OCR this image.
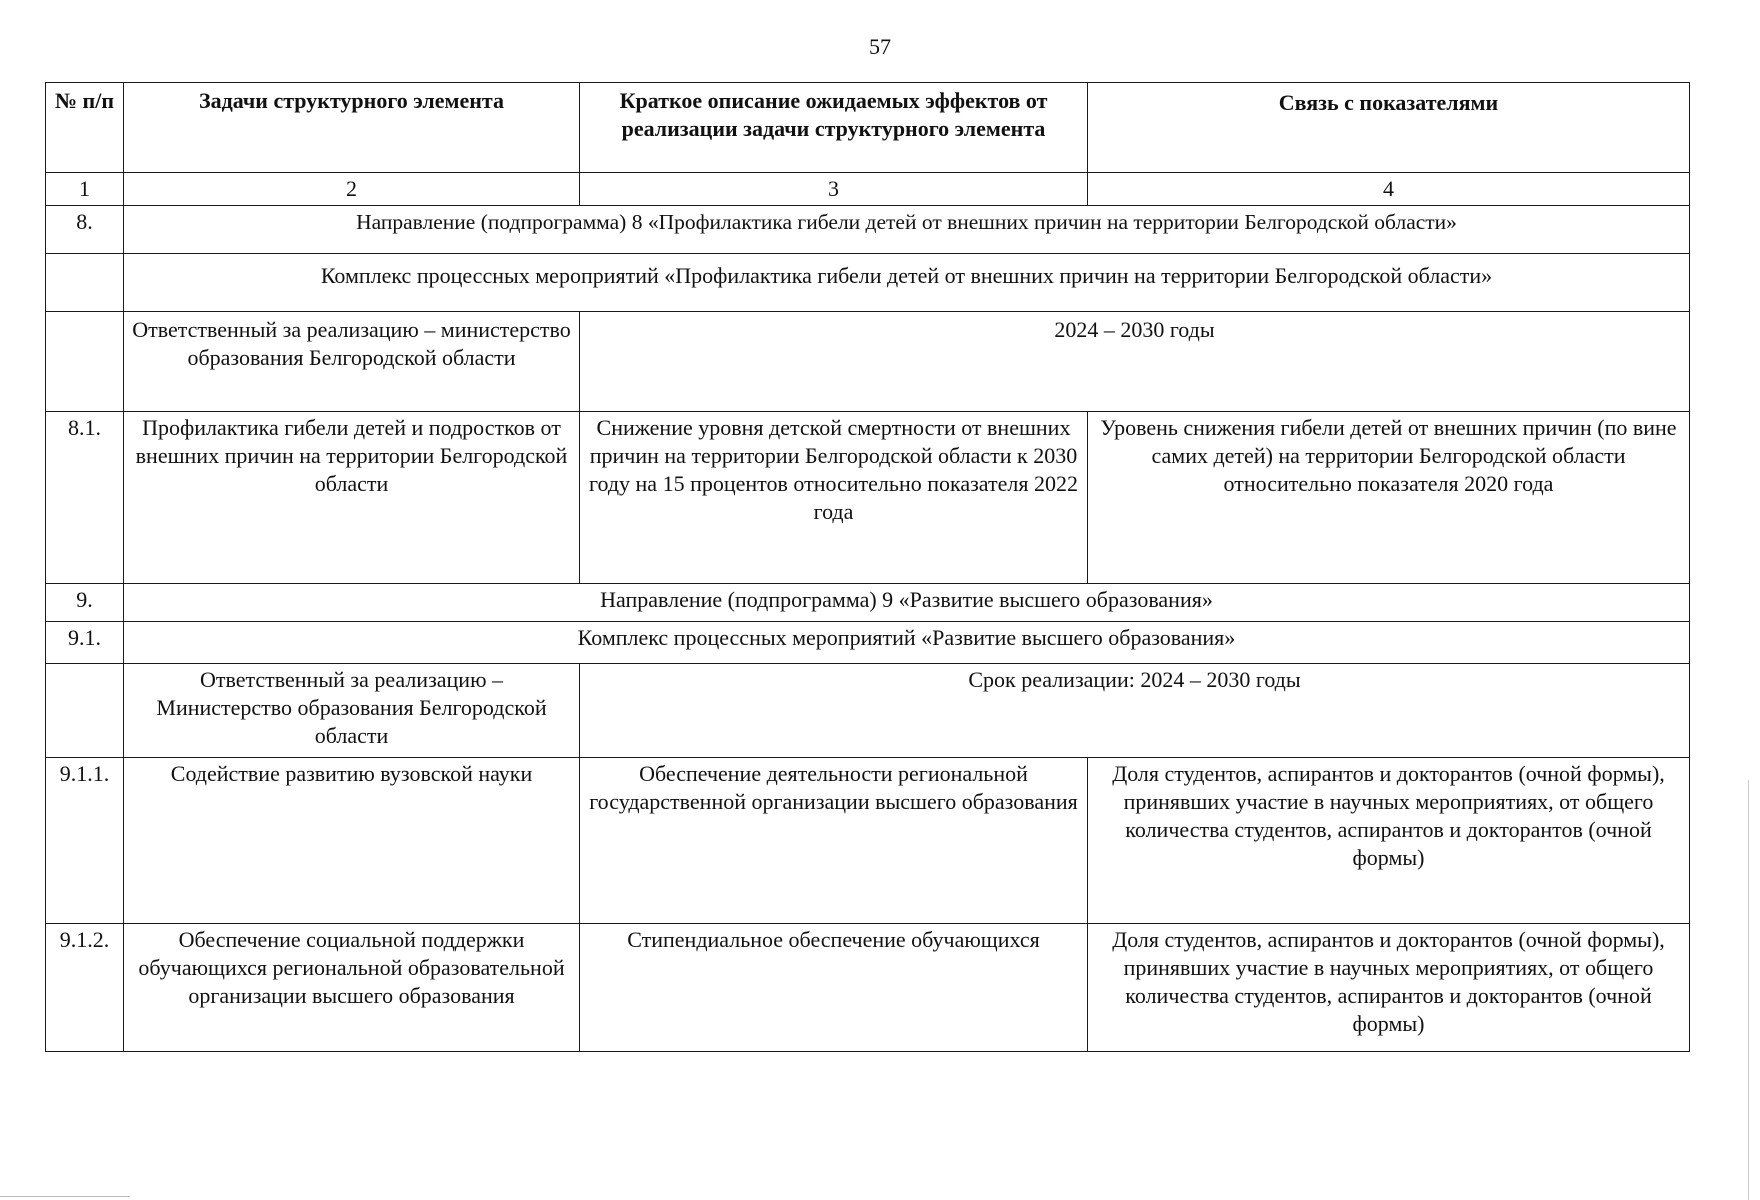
57
№ п/п	Задачи структурного элемента	Краткое описание ожидаемых эффектов от реализации задачи структурного элемента	Связь с показателями
1	2	3	4
8.	Направление (подпрограмма) 8 «Профилактика гибели детей от внешних причин на территории Белгородской области»		
	Комплекс процессных мероприятий «Профилактика гибели детей от внешних причин на территории Белгородской области»		
	Ответственный за реализацию – министерство образования Белгородской области	2024 – 2030 годы	
8.1.	Профилактика гибели детей и подростков от внешних причин на территории Белгородской области	Снижение уровня детской смертности от внешних причин на территории Белгородской области к 2030 году на 15 процентов относительно показателя 2022 года	Уровень снижения гибели детей от внешних причин (по вине самих детей) на территории Белгородской области относительно показателя 2020 года
9.	Направление (подпрограмма) 9 «Развитие высшего образования»		
9.1.	Комплекс процессных мероприятий «Развитие высшего образования»		
	Ответственный за реализацию – Министерство образования Белгородской области	Срок реализации: 2024 – 2030 годы	
9.1.1.	Содействие развитию вузовской науки	Обеспечение деятельности региональной государственной организации высшего образования	Доля студентов, аспирантов и докторантов (очной формы), принявших участие в научных мероприятиях, от общего количества студентов, аспирантов и докторантов (очной формы)
9.1.2.	Обеспечение социальной поддержки обучающихся региональной образовательной организации высшего образования	Стипендиальное обеспечение обучающихся	Доля студентов, аспирантов и докторантов (очной формы), принявших участие в научных мероприятиях, от общего количества студентов, аспирантов и докторантов (очной формы)
